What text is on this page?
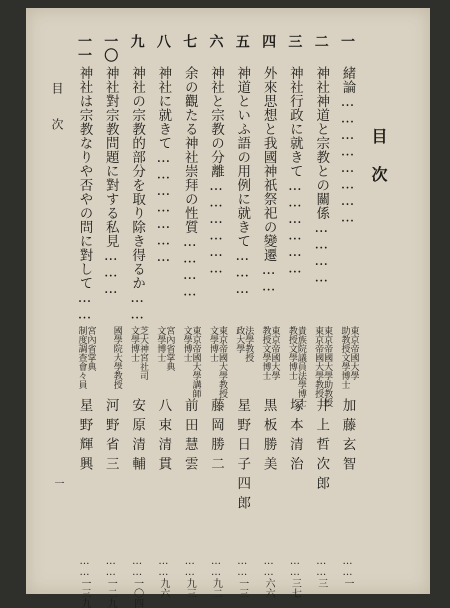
目次
目
次
一
一
緒論……………………
東京帝國大學
助教授文學博士
加藤玄智
……一
二
神社神道と宗教との關係…………
東京帝國大學助教授
東京帝國大學教授
井上哲次郎
……三
三
神社行政に就きて………………
貴族院議員法學博士
教授文學博士
塚本清治
……三七
四
外來思想と我國神祇祭祀の變遷……
東京帝國大學
教授文學博士
黒板勝美
……六六
五
神道といふ語の用例に就きて………
法學教授
政大學
星野日子四郎
……一三
六
神社と宗教の分離………………
東京帝國大學教授
文學博士
藤岡勝二
……九二
七
余の觀たる神社崇拜の性質…………
東京帝國大學講師
文學博士
前田慧雲
……九三
八
神社に就きて…………………
宮內省掌典
文學博士
八束清貫
……九六
九
神社の宗教的部分を取り除き得るか……
芝大神宮社司
文學博士
安原清輔
……一〇四
一〇
神社對宗教問題に對する私見………
國學院大學教授
河野省三
……一二九
一一
神社は宗教なりや否やの問に對して……
宮內省掌典
制度調查會々員
星野輝興
……一三九
